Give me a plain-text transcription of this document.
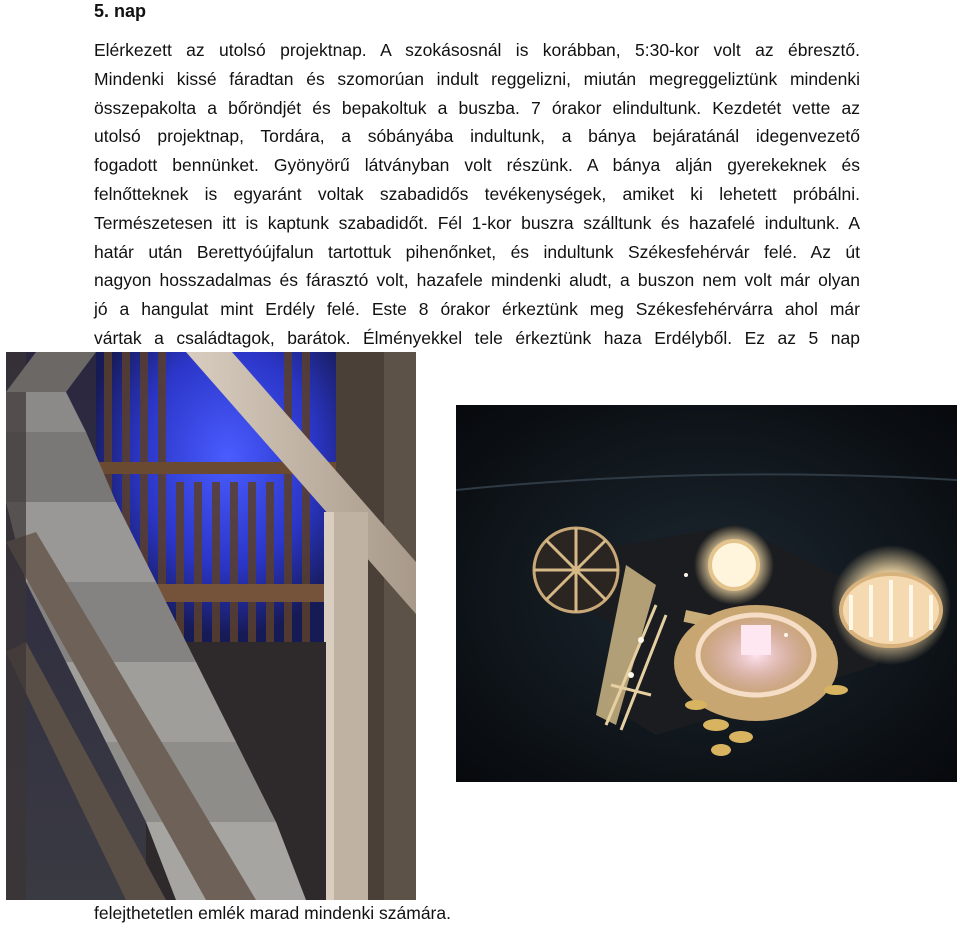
5. nap
Elérkezett az utolsó projektnap. A szokásosnál is korábban, 5:30-kor volt az ébresztő.
Mindenki kissé fáradtan és szomorúan indult reggelizni, miután megreggeliztünk mindenki
összepakolta a bőröndjét és bepakoltuk a buszba. 7 órakor elindultunk. Kezdetét vette az
utolsó projektnap, Tordára, a sóbányába indultunk, a bánya bejáratánál idegenvezető
fogadott bennünket. Gyönyörű látványban volt részünk. A bánya alján gyerekeknek és
felnőtteknek is egyaránt voltak szabadidős tevékenységek, amiket ki lehetett próbálni.
Természetesen itt is kaptunk szabadidőt. Fél 1-kor buszra szálltunk és hazafelé indultunk. A
határ után Berettyóújfalun tartottuk pihenőnket, és indultunk Székesfehérvár felé. Az út
nagyon hosszadalmas és fárasztó volt, hazafele mindenki aludt, a buszon nem volt már olyan
jó a hangulat mint Erdély felé. Este 8 órakor érkeztünk meg Székesfehérvárra ahol már
vártak a családtagok, barátok. Élményekkel tele érkeztünk haza Erdélyből. Ez az 5 nap
felejthetetlen emlék marad mindenki számára.
